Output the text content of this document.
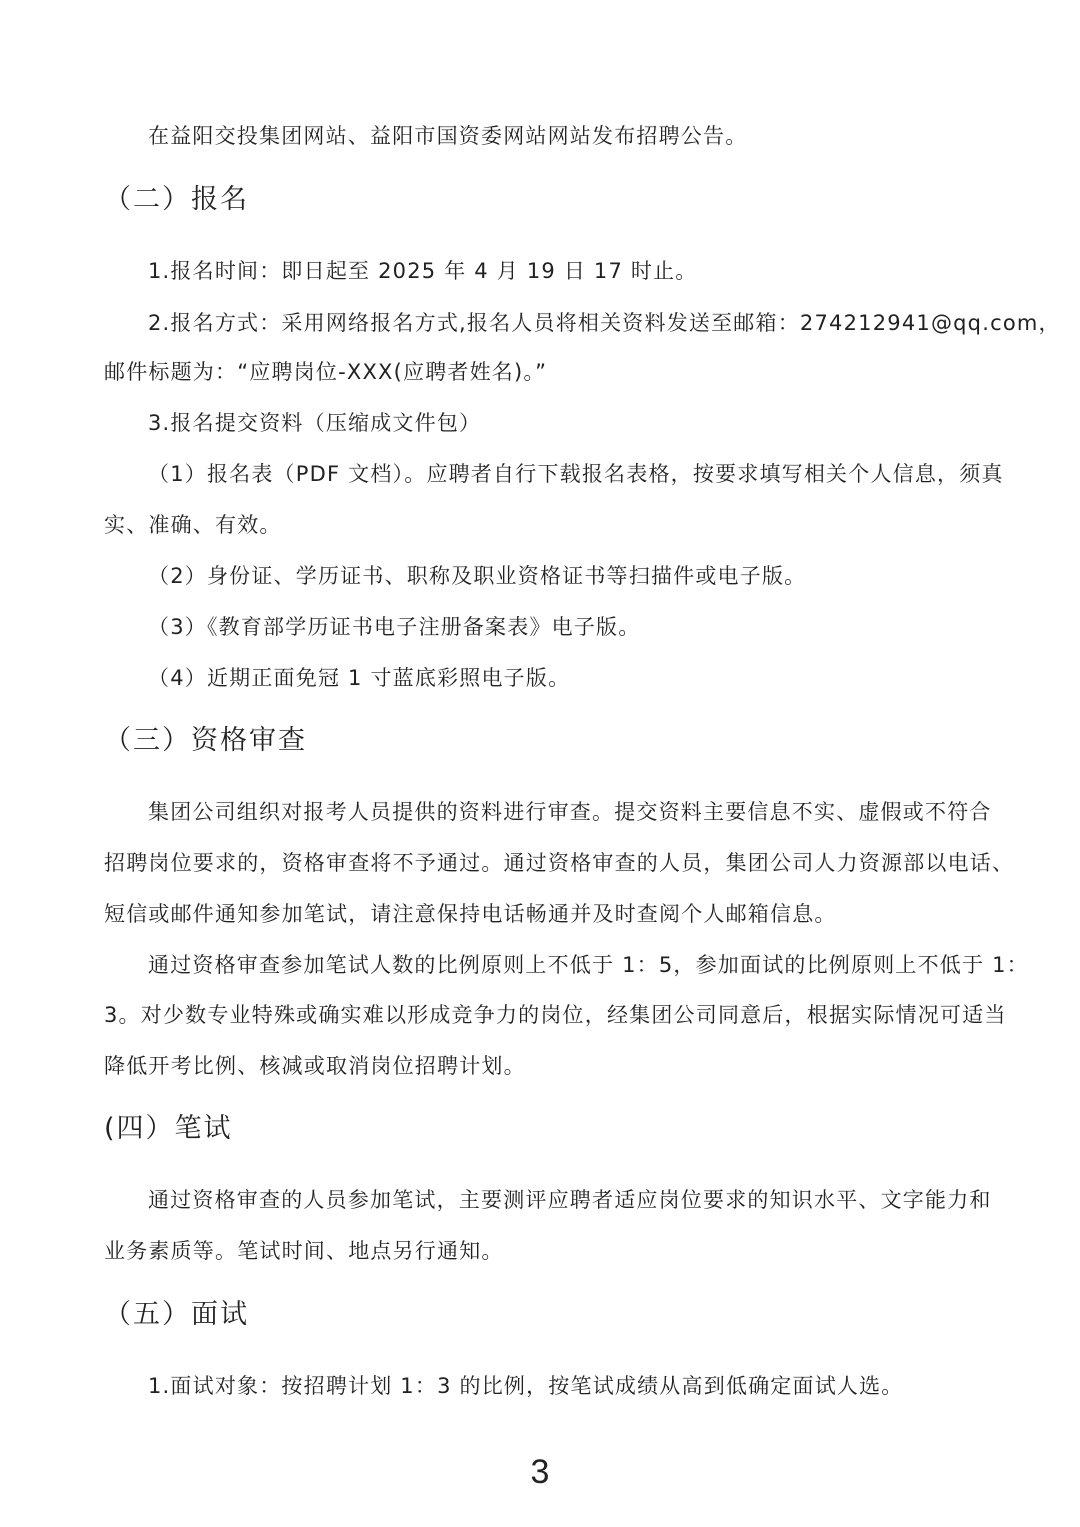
在益阳交投集团网站、益阳市国资委网站网站发布招聘公告。
（二）报名
1.报名时间：即日起至 2025 年 4 月 19 日 17 时止。
2.报名方式：采用网络报名方式,报名人员将相关资料发送至邮箱：274212941@qq.com，
邮件标题为：“应聘岗位-XXX(应聘者姓名)。”
3.报名提交资料（压缩成文件包）
（1）报名表（PDF 文档）。应聘者自行下载报名表格，按要求填写相关个人信息，须真
实、准确、有效。
（2）身份证、学历证书、职称及职业资格证书等扫描件或电子版。
（3）《教育部学历证书电子注册备案表》电子版。
（4）近期正面免冠 1 寸蓝底彩照电子版。
（三）资格审查
集团公司组织对报考人员提供的资料进行审查。提交资料主要信息不实、虚假或不符合
招聘岗位要求的，资格审查将不予通过。通过资格审查的人员，集团公司人力资源部以电话、
短信或邮件通知参加笔试，请注意保持电话畅通并及时查阅个人邮箱信息。
通过资格审查参加笔试人数的比例原则上不低于 1：5，参加面试的比例原则上不低于 1：
3。对少数专业特殊或确实难以形成竞争力的岗位，经集团公司同意后，根据实际情况可适当
降低开考比例、核减或取消岗位招聘计划。
(四）笔试
通过资格审查的人员参加笔试，主要测评应聘者适应岗位要求的知识水平、文字能力和
业务素质等。笔试时间、地点另行通知。
（五）面试
1.面试对象：按招聘计划 1：3 的比例，按笔试成绩从高到低确定面试人选。
3
